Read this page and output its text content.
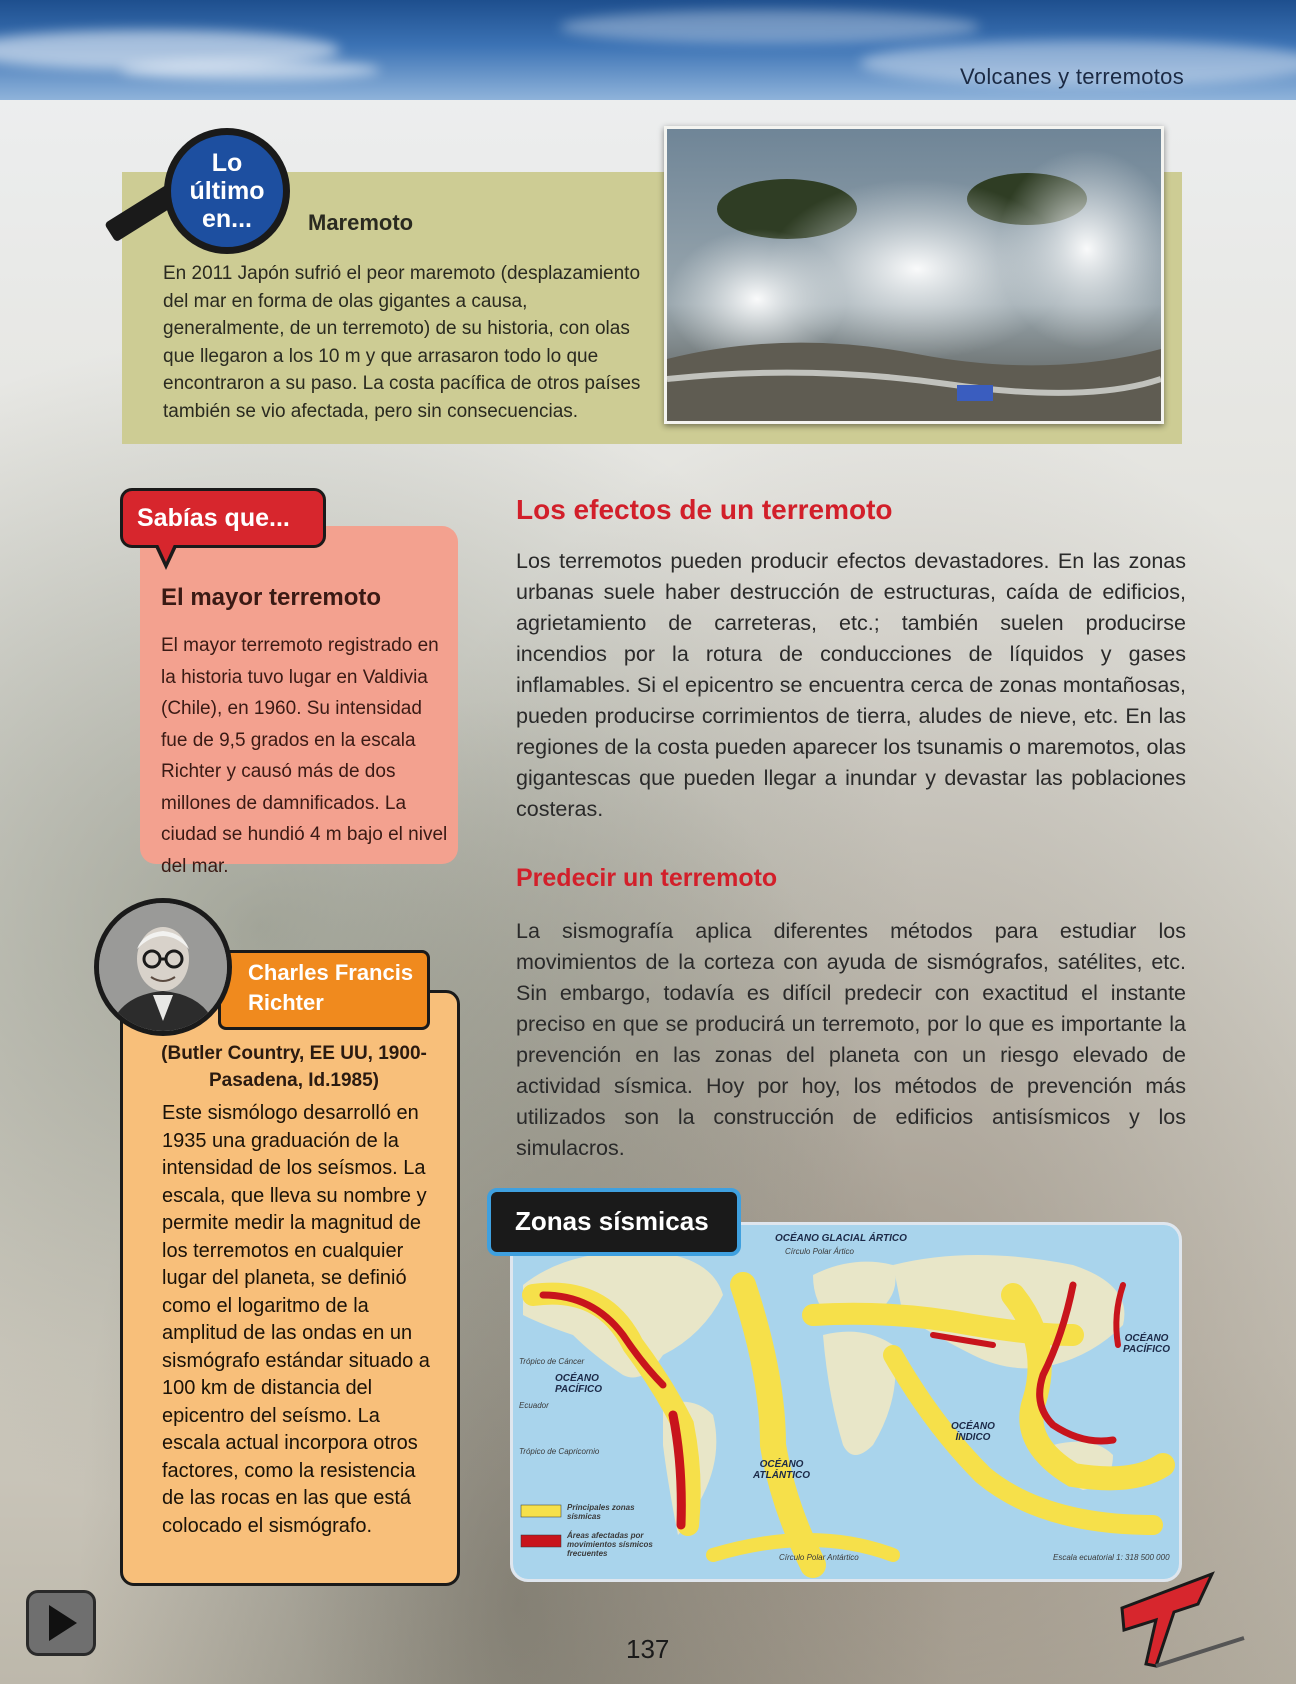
Volcanes y terremotos
Lo
último
en...	Maremoto
En 2011 Japón sufrió el peor maremoto (desplazamiento del mar en forma de olas gigantes a causa, generalmente, de un terremoto) de su historia, con olas que llegaron a los 10 m y que arrasaron todo lo que encontraron a su paso. La costa pacífica de otros países también se vio afectada, pero sin consecuencias.
Sabías que...
El mayor terremoto
El mayor terremoto registrado en la historia tuvo lugar en Valdivia (Chile), en 1960. Su intensidad fue de 9,5 grados en la escala Richter y causó más de dos millones de damnificados. La ciudad se hundió 4 m bajo el nivel del mar.
Charles Francis Richter
(Butler Country, EE UU, 1900-Pasadena, Id.1985)
Este sismólogo desarrolló en 1935 una graduación de la intensidad de los seísmos. La escala, que lleva su nombre y permite medir la magnitud de los terremotos en cualquier lugar del planeta, se definió como el logaritmo de la amplitud de las ondas en un sismógrafo estándar situado a 100 km de distancia del epicentro del seísmo. La escala actual incorpora otros factores, como la resistencia de las rocas en las que está colocado el sismógrafo.
Los efectos de un terremoto
Los terremotos pueden producir efectos devastadores. En las zonas urbanas suele haber destrucción de estructuras, caída de edificios, agrietamiento de carreteras, etc.; también suelen producirse incendios por la rotura de conducciones de líquidos y gases inflamables. Si el epicentro se encuentra cerca de zonas montañosas, pueden producirse corrimientos de tierra, aludes de nieve, etc. En las regiones de la costa pueden aparecer los tsunamis o maremotos, olas gigantescas que pueden llegar a inundar y devastar las poblaciones costeras.
Predecir un terremoto
La sismografía aplica diferentes métodos para estudiar los movimientos de la corteza con ayuda de sismógrafos, satélites, etc. Sin embargo, todavía es difícil predecir con exactitud el instante preciso en que se producirá un terremoto, por lo que es importante la prevención en las zonas del planeta con un riesgo elevado de actividad sísmica. Hoy por hoy, los métodos de prevención más utilizados son la construcción de edificios antisísmicos y los simulacros.
OCÉANO GLACIAL ÁRTICO
Círculo Polar Ártico
OCÉANO
PACÍFICO
OCÉANO
PACÍFICO
Trópico de Cáncer
Ecuador
Trópico de Capricornio
OCÉANO
ÍNDICO
OCÉANO
ATLÁNTICO
Círculo Polar Antártico	Escala ecuatorial 1: 318 500 000
Principales zonas sísmicas
Áreas afectadas por movimientos sísmicos frecuentes
Zonas sísmicas
137
